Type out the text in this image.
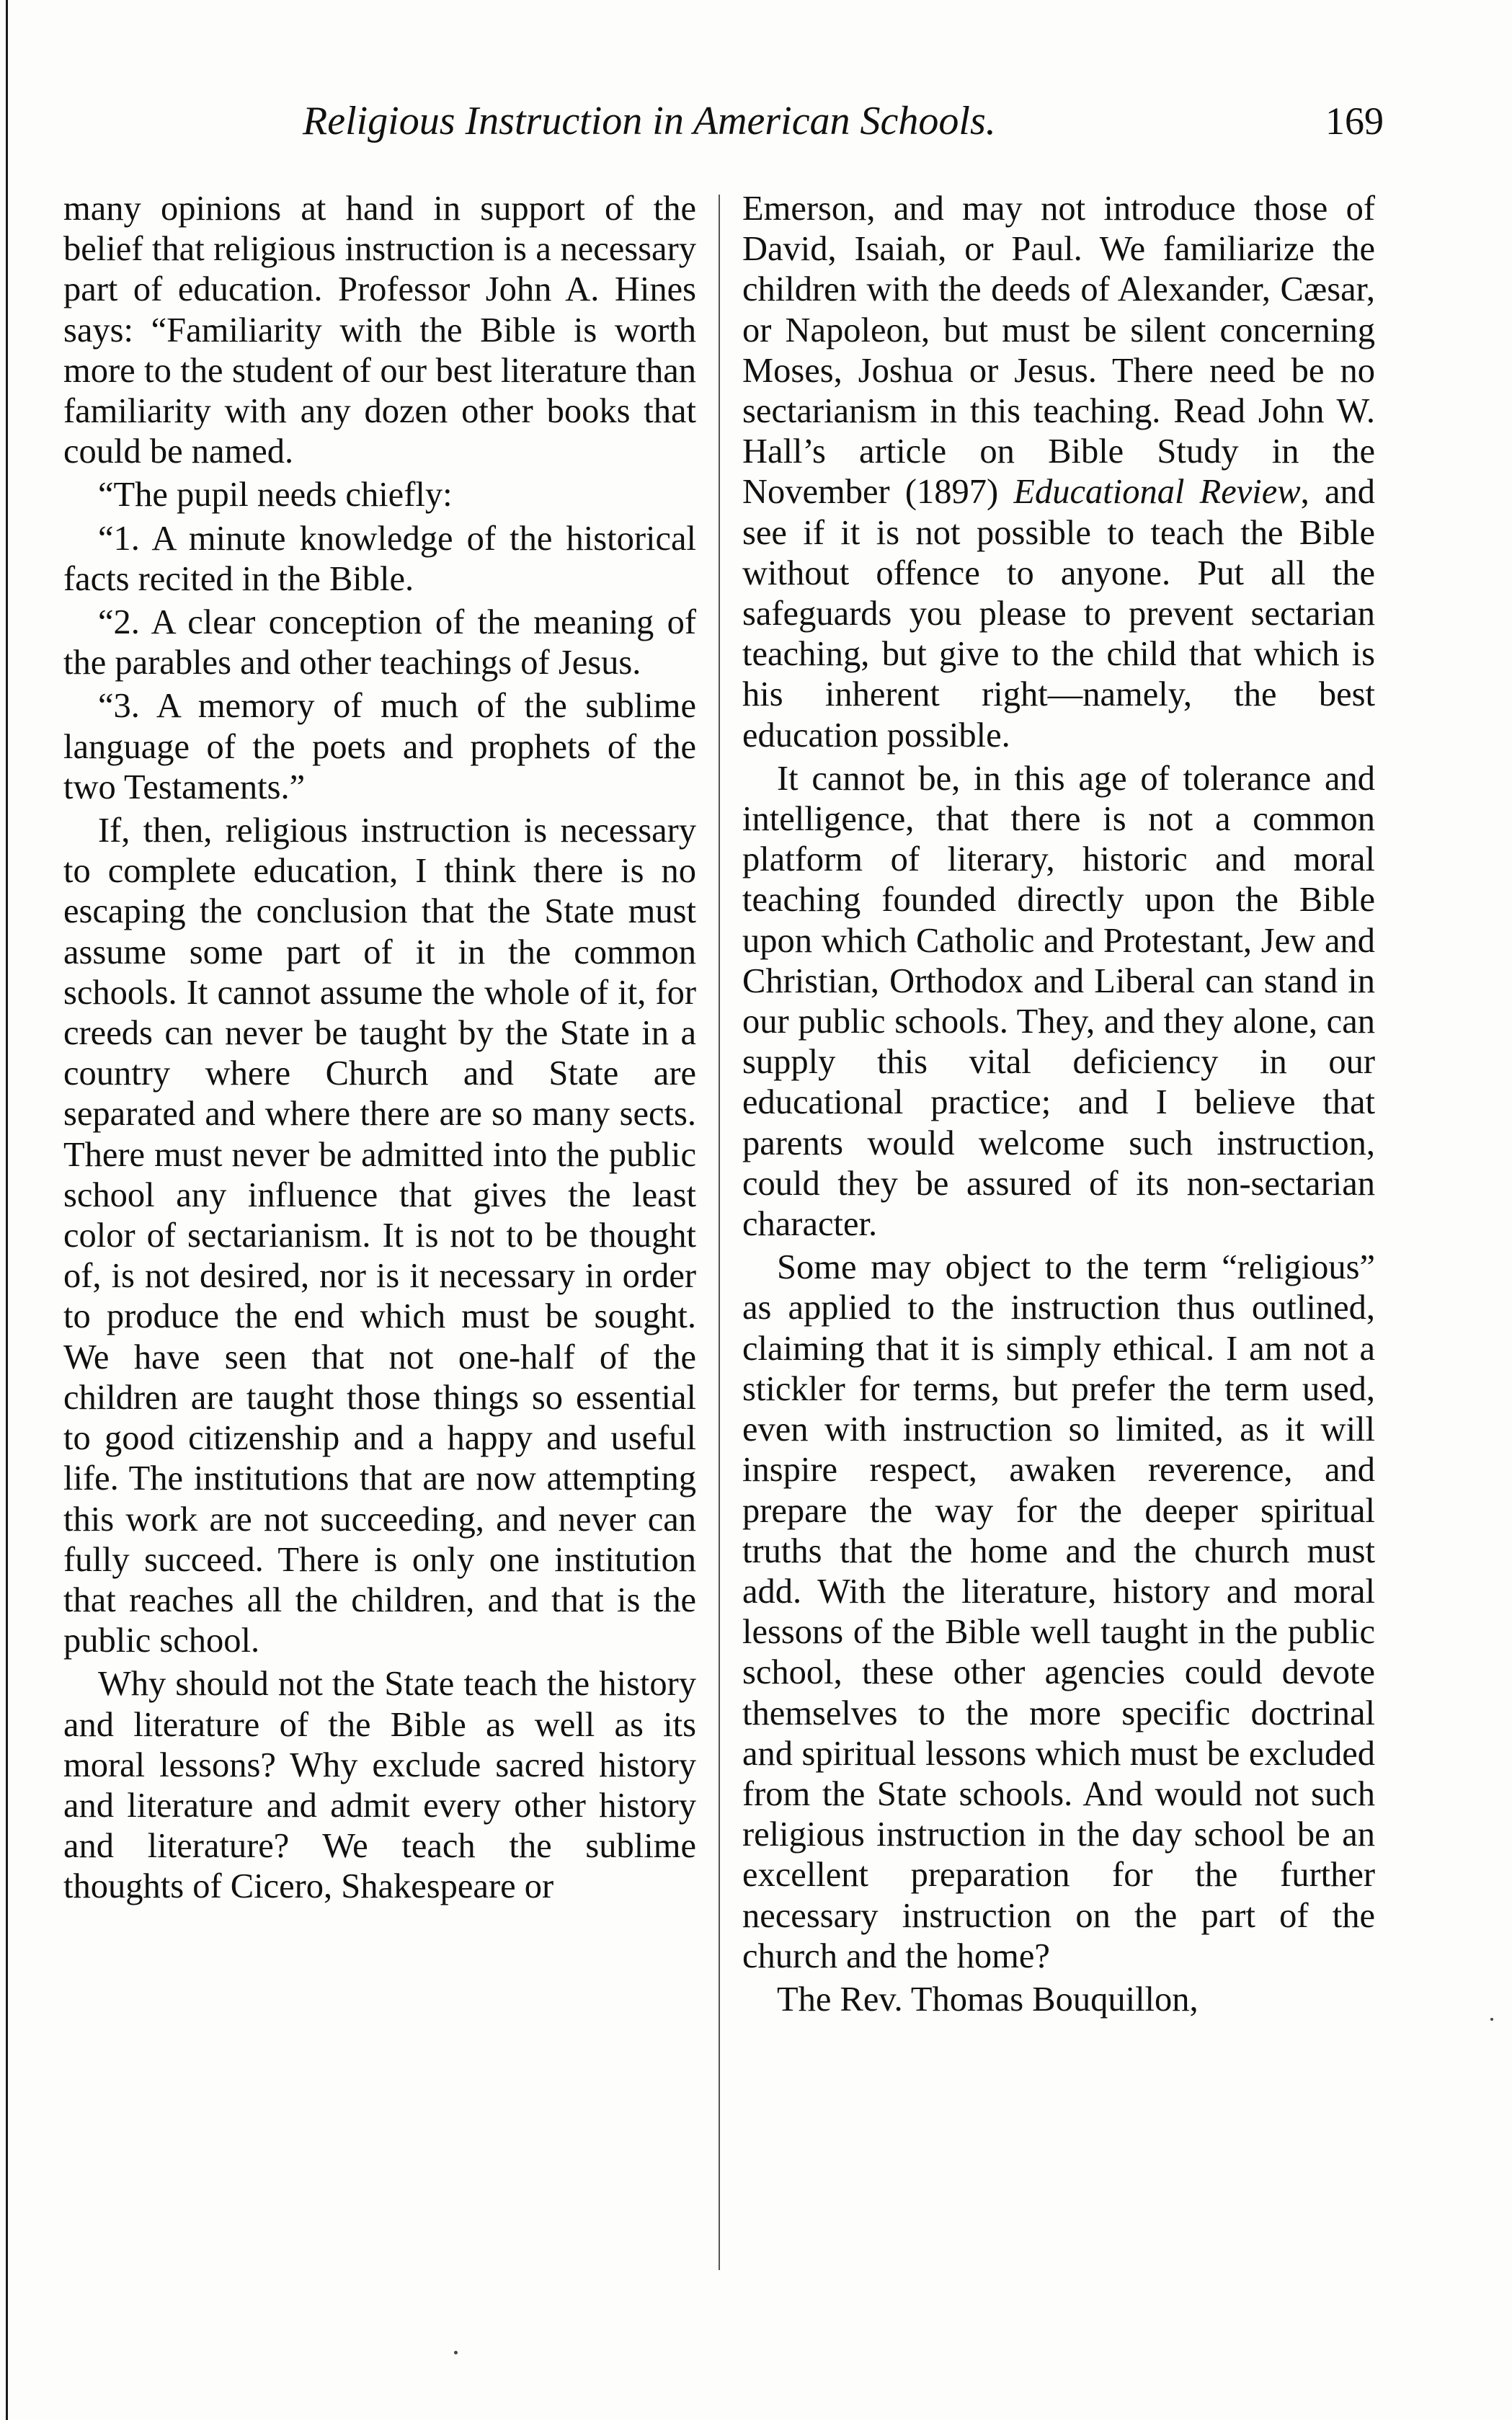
Religious Instruction in American Schools.	169

many opinions at hand in support of the belief that religious instruction is a necessary part of education. Professor John A. Hines says: “Familiarity with the Bible is worth more to the student of our best literature than familiarity with any dozen other books that could be named.

“The pupil needs chiefly:

“1. A minute knowledge of the historical facts recited in the Bible.

“2. A clear conception of the meaning of the parables and other teachings of Jesus.

“3. A memory of much of the sublime language of the poets and prophets of the two Testaments.”

If, then, religious instruction is necessary to complete education, I think there is no escaping the conclusion that the State must assume some part of it in the common schools. It cannot assume the whole of it, for creeds can never be taught by the State in a country where Church and State are separated and where there are so many sects. There must never be admitted into the public school any influence that gives the least color of sectarianism. It is not to be thought of, is not desired, nor is it necessary in order to produce the end which must be sought. We have seen that not one-half of the children are taught those things so essential to good citizenship and a happy and useful life. The institutions that are now attempting this work are not succeeding, and never can fully succeed. There is only one institution that reaches all the children, and that is the public school.

Why should not the State teach the history and literature of the Bible as well as its moral lessons? Why exclude sacred history and literature and admit every other history and literature? We teach the sublime thoughts of Cicero, Shakespeare or

Emerson, and may not introduce those of David, Isaiah, or Paul. We familiarize the children with the deeds of Alexander, Cæsar, or Napoleon, but must be silent concerning Moses, Joshua or Jesus. There need be no sectarianism in this teaching. Read John W. Hall’s article on Bible Study in the November (1897) Educational Review, and see if it is not possible to teach the Bible without offence to anyone. Put all the safeguards you please to prevent sectarian teaching, but give to the child that which is his inherent right—namely, the best education possible.

It cannot be, in this age of tolerance and intelligence, that there is not a common platform of literary, historic and moral teaching founded directly upon the Bible upon which Catholic and Protestant, Jew and Christian, Orthodox and Liberal can stand in our public schools. They, and they alone, can supply this vital deficiency in our educational practice; and I believe that parents would welcome such instruction, could they be assured of its non-sectarian character.

Some may object to the term “religious” as applied to the instruction thus outlined, claiming that it is simply ethical. I am not a stickler for terms, but prefer the term used, even with instruction so limited, as it will inspire respect, awaken reverence, and prepare the way for the deeper spiritual truths that the home and the church must add. With the literature, history and moral lessons of the Bible well taught in the public school, these other agencies could devote themselves to the more specific doctrinal and spiritual lessons which must be excluded from the State schools. And would not such religious instruction in the day school be an excellent preparation for the further necessary instruction on the part of the church and the home?

The Rev. Thomas Bouquillon,
